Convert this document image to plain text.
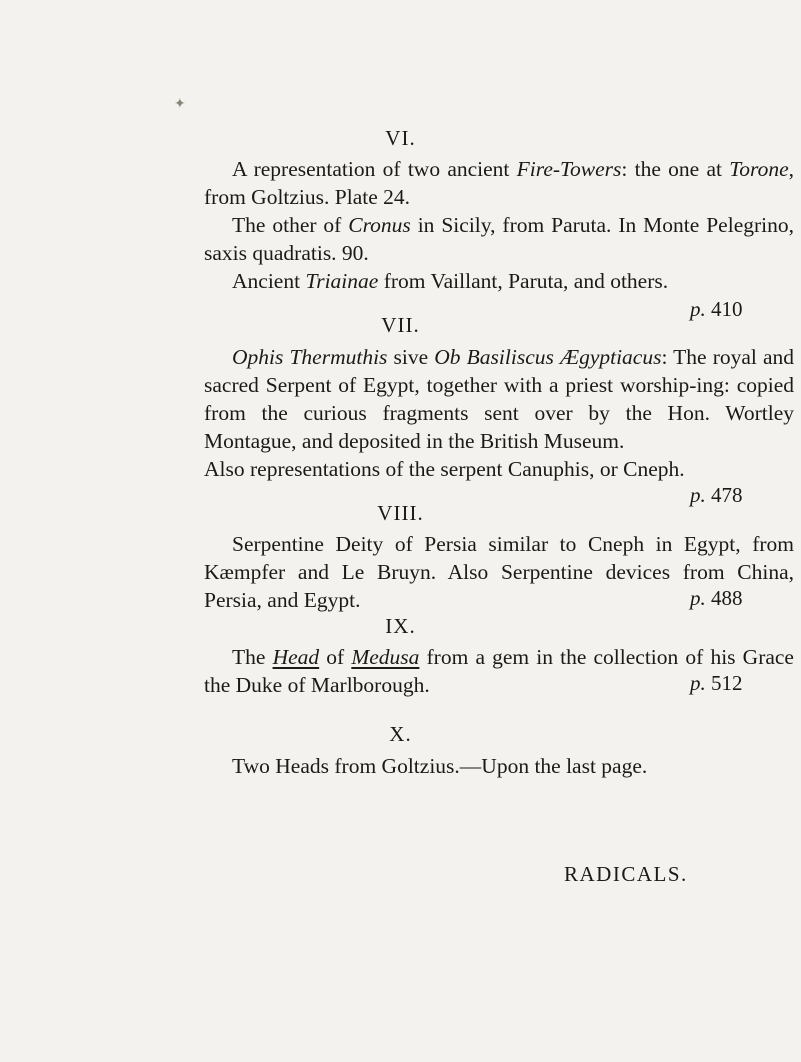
✦

VI.

A representation of two ancient Fire-Towers: the one at Torone, from Goltzius. Plate 24.

The other of Cronus in Sicily, from Paruta. In Monte Pelegrino, saxis quadratis. 90.

Ancient Triainae from Vaillant, Paruta, and others.

p. 410

VII.

Ophis Thermuthis sive Ob Basiliscus Ægyptiacus: The royal and sacred Serpent of Egypt, together with a priest worship-ing: copied from the curious fragments sent over by the Hon. Wortley Montague, and deposited in the British Museum.

Also representations of the serpent Canuphis, or Cneph.

p. 478

VIII.

Serpentine Deity of Persia similar to Cneph in Egypt, from Kæmpfer and Le Bruyn. Also Serpentine devices from China, Persia, and Egypt.	p. 488

IX.

The Head of Medusa from a gem in the collection of his Grace the Duke of Marlborough.	p. 512

X.

Two Heads from Goltzius.—Upon the last page.

RADICALS.
